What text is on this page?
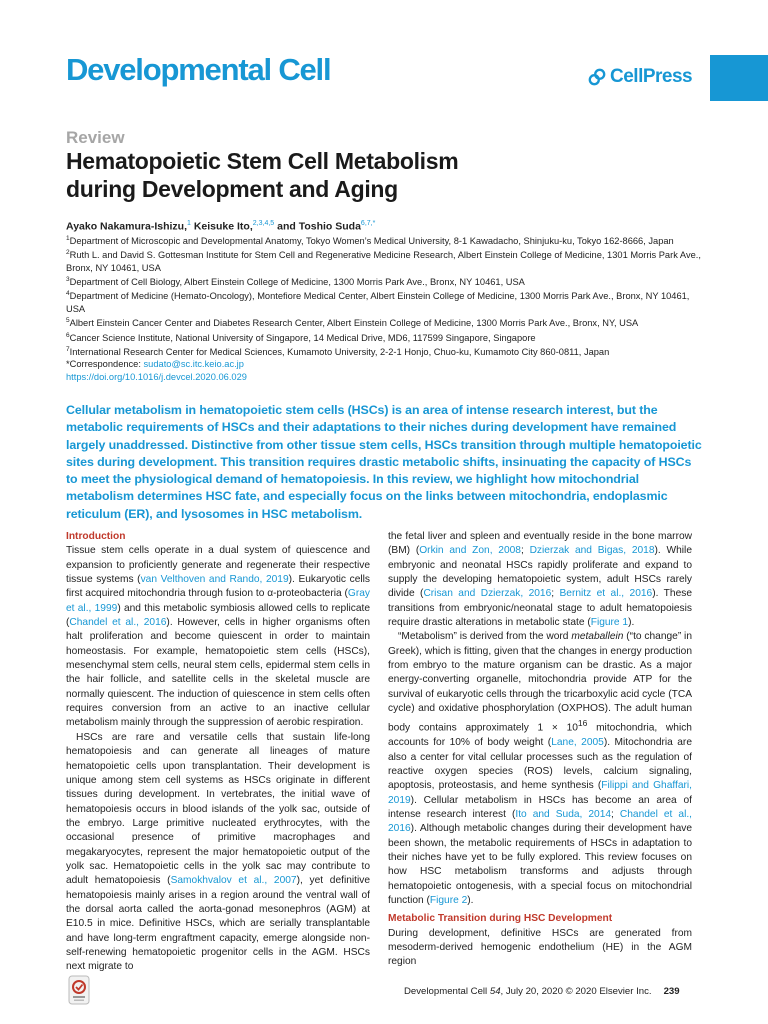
Developmental Cell	CellPress
Review
Hematopoietic Stem Cell Metabolism
during Development and Aging
Ayako Nakamura-Ishizu,$^1$ Keisuke Ito,$^{2,3,4,5}$ and Toshio Suda$^{6,7,*}$

$^1$Department of Microscopic and Developmental Anatomy, Tokyo Women’s Medical University, 8-1 Kawadacho, Shinjuku-ku, Tokyo 162-8666, Japan

$^2$Ruth L. and David S. Gottesman Institute for Stem Cell and Regenerative Medicine Research, Albert Einstein College of Medicine, 1301 Morris Park Ave., Bronx, NY 10461, USA

$^3$Department of Cell Biology, Albert Einstein College of Medicine, 1300 Morris Park Ave., Bronx, NY 10461, USA

$^4$Department of Medicine (Hemato-Oncology), Montefiore Medical Center, Albert Einstein College of Medicine, 1300 Morris Park Ave., Bronx, NY 10461, USA

$^5$Albert Einstein Cancer Center and Diabetes Research Center, Albert Einstein College of Medicine, 1300 Morris Park Ave., Bronx, NY, USA

$^6$Cancer Science Institute, National University of Singapore, 14 Medical Drive, MD6, 117599 Singapore, Singapore

$^7$International Research Center for Medical Sciences, Kumamoto University, 2-2-1 Honjo, Chuo-ku, Kumamoto City 860-0811, Japan

*Correspondence: sudato@sc.itc.keio.ac.jp

https://doi.org/10.1016/j.devcel.2020.06.029

Cellular metabolism in hematopoietic stem cells (HSCs) is an area of intense research interest, but the metabolic requirements of HSCs and their adaptations to their niches during development have remained largely unaddressed. Distinctive from other tissue stem cells, HSCs transition through multiple hematopoietic sites during development. This transition requires drastic metabolic shifts, insinuating the capacity of HSCs to meet the physiological demand of hematopoiesis. In this review, we highlight how mitochondrial metabolism determines HSC fate, and especially focus on the links between mitochondria, endoplasmic reticulum (ER), and lysosomes in HSC metabolism.
Introduction

Tissue stem cells operate in a dual system of quiescence and expansion to proficiently generate and regenerate their respective tissue systems (van Velthoven and Rando, 2019). Eukaryotic cells first acquired mitochondria through fusion to α-proteobacteria (Gray et al., 1999) and this metabolic symbiosis allowed cells to replicate (Chandel et al., 2016). However, cells in higher organisms often halt proliferation and become quiescent in order to maintain homeostasis. For example, hematopoietic stem cells (HSCs), mesenchymal stem cells, neural stem cells, epidermal stem cells in the hair follicle, and satellite cells in the skeletal muscle are normally quiescent. The induction of quiescence in stem cells often requires conversion from an active to an inactive cellular metabolism mainly through the suppression of aerobic respiration.

HSCs are rare and versatile cells that sustain life-long hematopoiesis and can generate all lineages of mature hematopoietic cells upon transplantation. Their development is unique among stem cell systems as HSCs originate in different tissues during development. In vertebrates, the initial wave of hematopoiesis occurs in blood islands of the yolk sac, outside of the embryo. Large primitive nucleated erythrocytes, with the occasional presence of primitive macrophages and megakaryocytes, represent the major hematopoietic output of the yolk sac. Hematopoietic cells in the yolk sac may contribute to adult hematopoiesis (Samokhvalov et al., 2007), yet definitive hematopoiesis mainly arises in a region around the ventral wall of the dorsal aorta called the aorta-gonad mesonephros (AGM) at E10.5 in mice. Definitive HSCs, which are serially transplantable and have long-term engraftment capacity, emerge alongside non-self-renewing hematopoietic progenitor cells in the AGM. HSCs next migrate to

the fetal liver and spleen and eventually reside in the bone marrow (BM) (Orkin and Zon, 2008; Dzierzak and Bigas, 2018). While embryonic and neonatal HSCs rapidly proliferate and expand to supply the developing hematopoietic system, adult HSCs rarely divide (Crisan and Dzierzak, 2016; Bernitz et al., 2016). These transitions from embryonic/neonatal stage to adult hematopoiesis require drastic alterations in metabolic state (Figure 1).

“Metabolism” is derived from the word metaballein (“to change” in Greek), which is fitting, given that the changes in energy production from embryo to the mature organism can be drastic. As a major energy-converting organelle, mitochondria provide ATP for the survival of eukaryotic cells through the tricarboxylic acid cycle (TCA cycle) and oxidative phosphorylation (OXPHOS). The adult human body contains approximately $1 \times 10^{16}$ mitochondria, which accounts for 10% of body weight (Lane, 2005). Mitochondria are also a center for vital cellular processes such as the regulation of reactive oxygen species (ROS) levels, calcium signaling, apoptosis, proteostasis, and heme synthesis (Filippi and Ghaffari, 2019). Cellular metabolism in HSCs has become an area of intense research interest (Ito and Suda, 2014; Chandel et al., 2016). Although metabolic changes during their development have been shown, the metabolic requirements of HSCs in adaptation to their niches have yet to be fully explored. This review focuses on how HSC metabolism transforms and adjusts through hematopoietic ontogenesis, with a special focus on mitochondrial function (Figure 2).

Metabolic Transition during HSC Development

During development, definitive HSCs are generated from mesoderm-derived hemogenic endothelium (HE) in the AGM region

Developmental Cell 54, July 20, 2020 © 2020 Elsevier Inc. 239
